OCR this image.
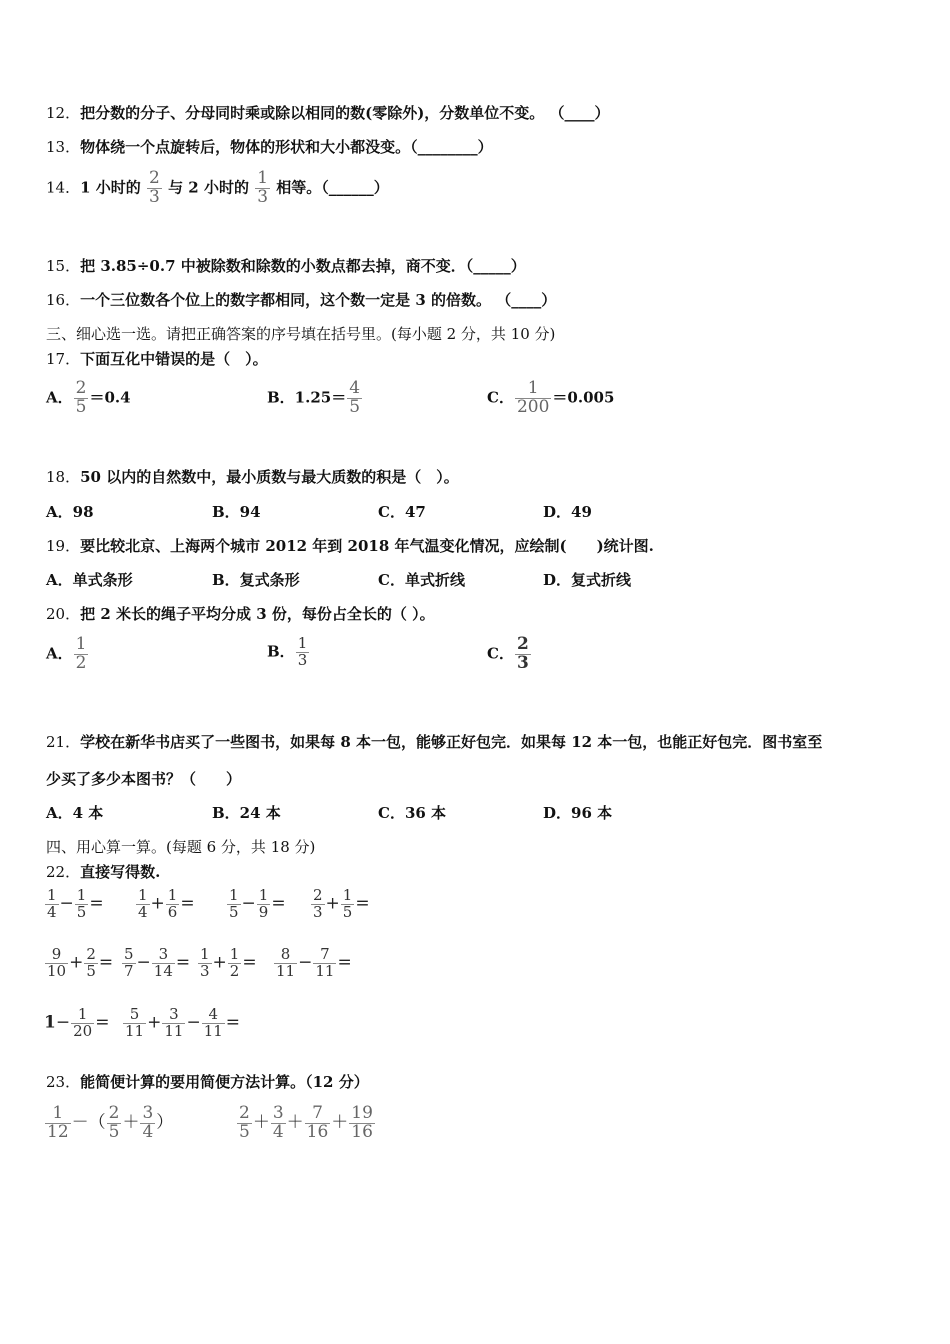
12．把分数的分子、分母同时乘或除以相同的数(零除外)，分数单位不变。 （____）
13．物体绕一个点旋转后，物体的形状和大小都没变。（________）
14．1 小时的 $\frac{2}{3}$ 与 2 小时的 $\frac{1}{3}$ 相等。（______）
15．把 3.85÷0.7 中被除数和除数的小数点都去掉，商不变．（_____）
16．一个三位数各个位上的数字都相同，这个数一定是 3 的倍数。 （____）
三、细心选一选。请把正确答案的序号填在括号里。(每小题 2 分，共 10 分)
17．下面互化中错误的是（　）。
A． $\frac{2}{5} =0.4$	B．$1.25= \frac{4}{5}$	C． $\frac{1}{200} =0.005$
18．50 以内的自然数中，最小质数与最大质数的积是（　）。
A．98	B．94	C．47	D．49
19．要比较北京、上海两个城市 2012 年到 2018 年气温变化情况，应绘制(　　)统计图.
A．单式条形	B．复式条形	C．单式折线	D．复式折线
20．把 2 米长的绳子平均分成 3 份，每份占全长的（ ）。
A． $\frac{1}{2}$	B． $\frac{1}{3}$	C． $\frac{2}{3}$
21．学校在新华书店买了一些图书，如果每 8 本一包，能够正好包完．如果每 12 本一包，也能正好包完．图书室至
少买了多少本图书？（　　）
A．4 本	B．24 本	C．36 本	D．96 本
四、用心算一算。(每题 6 分，共 18 分)
22．直接写得数.
$\frac{1}{4} - \frac{1}{5} = \frac{1}{4} + \frac{1}{6} = \frac{1}{5} - \frac{1}{9} = \frac{2}{3} + \frac{1}{5}$ =
$\frac{9}{10} + \frac{2}{5} = \frac{5}{7} - \frac{3}{14} = \frac{1}{3} + \frac{1}{2} = \frac{8}{11} - \frac{7}{11}$ =
$1- \frac{1}{20} = \frac{5}{11} + \frac{3}{11} - \frac{4}{11}$ =
23．能简便计算的要用简便方法计算。（12 分）
$\frac{1}{12}$ －（ $\frac{2}{5} + \frac{3}{4}$ ）	$\frac{2}{5} + \frac{3}{4} + \frac{7}{16} + \frac{19}{16}$
